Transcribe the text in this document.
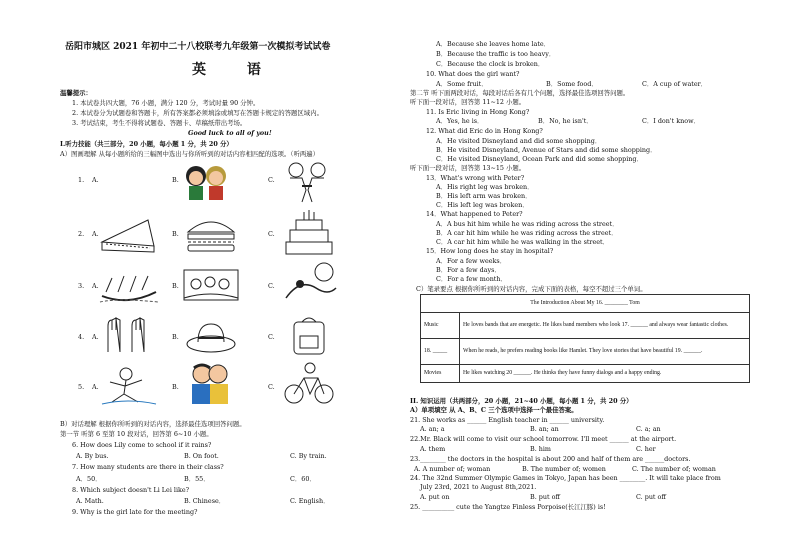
岳阳市城区 2021 年初中二十八校联考九年级第一次模拟考试试卷
英 语
温馨提示：
1. 本试卷共四大题，76 小题，满分 120 分，考试时量 90 分钟。
2. 本试卷分为试题卷和答题卡，所有答案都必须填涂或填写在答题卡规定的答题区域内。
3. 考试结束，考生不得将试题卷、答题卡、草稿纸带出考场。
Good luck to all of you!
I.听力技能（共三部分，20 小题，每小题 1 分，共 20 分）
A）图画理解 从每小题所给的三幅图中选出与你所听到的对话内容相匹配的选项。（听两遍）
1. A.	B.	C.
2. A.	B.	C.
3. A.	B.	C.
4. A.	B.	C.
5. A.	B.	C.
B）对话理解 根据你所听到的对话内容，选择最佳选项回答问题。
第一节 听第 6 至第 10 段对话，回答第 6~10 小题。
6. How does Lily come to school if it rains?
A. By bus.	B. On foot.	C. By train.
7. How many students are there in their class?
A．50．	B．55．	C．60．
8. Which subject doesn't Li Lei like?
A. Math.	B. Chinese．	C. English．
9. Why is the girl late for the meeting?
A．Because she leaves home late．
B．Because the traffic is too heavy．
C．Because the clock is broken．
10. What does the girl want?
A．Some fruit．	B．Some food．	C．A cup of water．
第二节 听下面两段对话，每段对话后各有几个问题，选择最佳选项回答问题。
听下面一段对话，回答第 11~12 小题。
11. Is Eric living in Hong Kong?
A．Yes, he is．	B．No, he isn't．	C．I don't know．
12. What did Eric do in Hong Kong?
A．He visited Disneyland and did some shopping．
B．He visited Disneyland, Avenue of Stars and did some shopping．
C．He visited Disneyland, Ocean Park and did some shopping．
听下面一段对话，回答第 13~15 小题。
13．What's wrong with Peter?
A．His right leg was broken．
B．His left arm was broken．
C．His left leg was broken．
14．What happened to Peter?
A．A bus hit him while he was riding across the street．
B．A car hit him while he was riding across the street．
C．A car hit him while he was walking in the street．
15．How long does he stay in hospital?
A．For a few weeks．
B．For a few days．
C．For a few month．
C）笔录要点 根据你所听到的对话内容，完成下面的表格，每空不超过三个单词。
The Introduction About My 16. ________ Tom	
Music	He loves bands that are energetic. He likes band members who look 17. ______ and always wear fantastic clothes.
18. _____	When he reads, he prefers reading books like Hamlet. They love stories that have beautiful 19. ______.
Movies	He likes watching 20 ______. He thinks they have funny dialogs and a happy ending.
II. 知识运用（共两部分，20 小题，21~40 小题，每小题 1 分，共 20 分）
A）单项填空 从 A、B、C 三个选项中选择一个最佳答案。
21. She works as ______ English teacher in ______ university.
A. an; a	B. an; an	C. a; an
22.Mr. Black will come to visit our school tomorrow. I'll meet ______ at the airport.
A. them	B. him	C. her
23.________ the doctors in the hospital is about 200 and half of them are ______doctors.
A. A number of; woman	B. The number of; women	C. The number of; woman
24. The 32nd Summer Olympic Games in Tokyo, Japan has been ________. It will take place from
July 23rd, 2021 to August 8th,2021.
A. put on	B. put off	C. put off
25. __________ cute the Yangtze Finless Porpoise(长江江豚) is!
